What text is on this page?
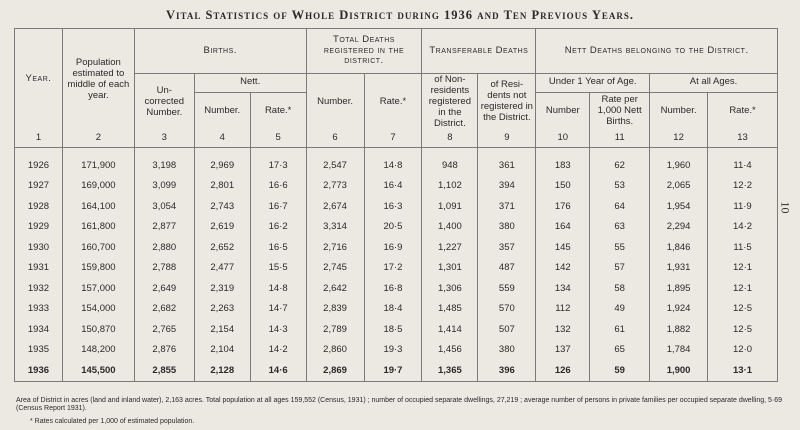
Vital Statistics of Whole District during 1936 and Ten Previous Years.
Year.	Population estimated to middle of each year.	Births.			Total Deaths registered in the district.		Transferable Deaths		Nett Deaths belonging to the District.			
		Un- corrected Number.	Nett.		Number.	Rate.*	of Non- residents registered in the District.	of Resi- dents not registered in the District.	Under 1 Year of Age.		At all Ages.	
			Number.	Rate.*					Number	Rate per 1,000 Nett Births.	Number.	Rate.*
1	2	3	4	5	6	7	8	9	10	11	12	13
1926	171,900	3,198	2,969	17·3	2,547	14·8	948	361	183	62	1,960	11·4
1927	169,000	3,099	2,801	16·6	2,773	16·4	1,102	394	150	53	2,065	12·2
1928	164,100	3,054	2,743	16·7	2,674	16·3	1,091	371	176	64	1,954	11·9
1929	161,800	2,877	2,619	16·2	3,314	20·5	1,400	380	164	63	2,294	14·2
1930	160,700	2,880	2,652	16·5	2,716	16·9	1,227	357	145	55	1,846	11·5
1931	159,800	2,788	2,477	15·5	2,745	17·2	1,301	487	142	57	1,931	12·1
1932	157,000	2,649	2,319	14·8	2,642	16·8	1,306	559	134	58	1,895	12·1
1933	154,000	2,682	2,263	14·7	2,839	18·4	1,485	570	112	49	1,924	12·5
1934	150,870	2,765	2,154	14·3	2,789	18·5	1,414	507	132	61	1,882	12·5
1935	148,200	2,876	2,104	14·2	2,860	19·3	1,456	380	137	65	1,784	12·0
1936	145,500	2,855	2,128	14·6	2,869	19·7	1,365	396	126	59	1,900	13·1
Area of District in acres (land and inland water), 2,163 acres. Total population at all ages 159,552 (Census, 1931) ; number of occupied separate dwellings, 27,219 ; average number of persons in private families per occupied separate dwelling, 5·69 (Census Report 1931).
* Rates calculated per 1,000 of estimated population.
10
